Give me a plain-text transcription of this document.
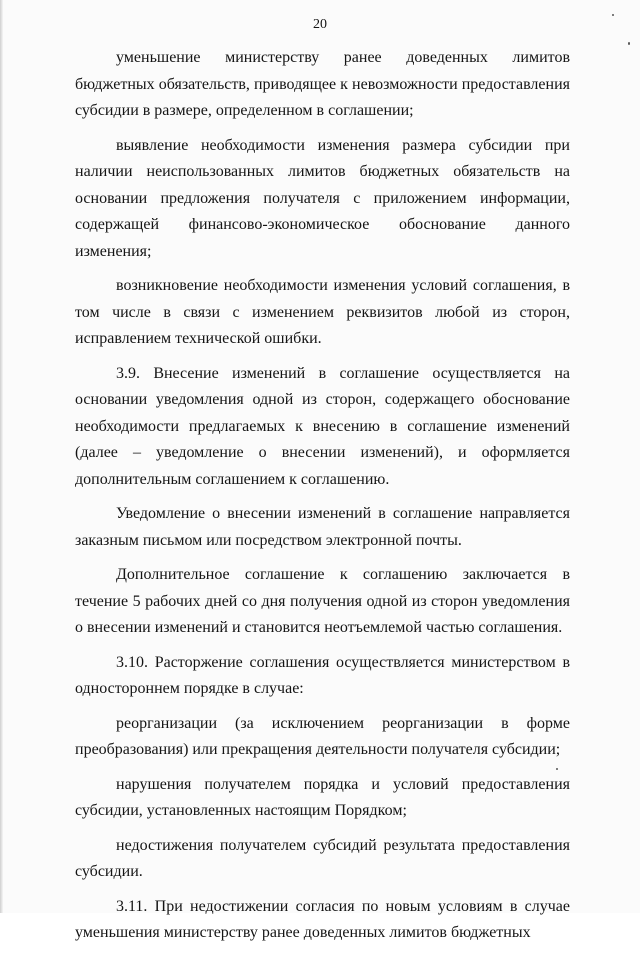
20

уменьшение министерству ранее доведенных лимитов бюджетных обязательств, приводящее к невозможности предоставления субсидии в размере, определенном в соглашении;

выявление необходимости изменения размера субсидии при наличии неиспользованных лимитов бюджетных обязательств на основании предложения получателя с приложением информации, содержащей финансово-экономическое обоснование данного изменения;

возникновение необходимости изменения условий соглашения, в том числе в связи с изменением реквизитов любой из сторон, исправлением технической ошибки.

3.9. Внесение изменений в соглашение осуществляется на основании уведомления одной из сторон, содержащего обоснование необходимости предлагаемых к внесению в соглашение изменений (далее – уведомление о внесении изменений), и оформляется дополнительным соглашением к соглашению.

Уведомление о внесении изменений в соглашение направляется заказным письмом или посредством электронной почты.

Дополнительное соглашение к соглашению заключается в течение 5 рабочих дней со дня получения одной из сторон уведомления о внесении изменений и становится неотъемлемой частью соглашения.

3.10. Расторжение соглашения осуществляется министерством в одностороннем порядке в случае:

реорганизации (за исключением реорганизации в форме преобразования) или прекращения деятельности получателя субсидии;

нарушения получателем порядка и условий предоставления субсидии, установленных настоящим Порядком;

недостижения получателем субсидий результата предоставления субсидии.

3.11. При недостижении согласия по новым условиям в случае уменьшения министерству ранее доведенных лимитов бюджетных
